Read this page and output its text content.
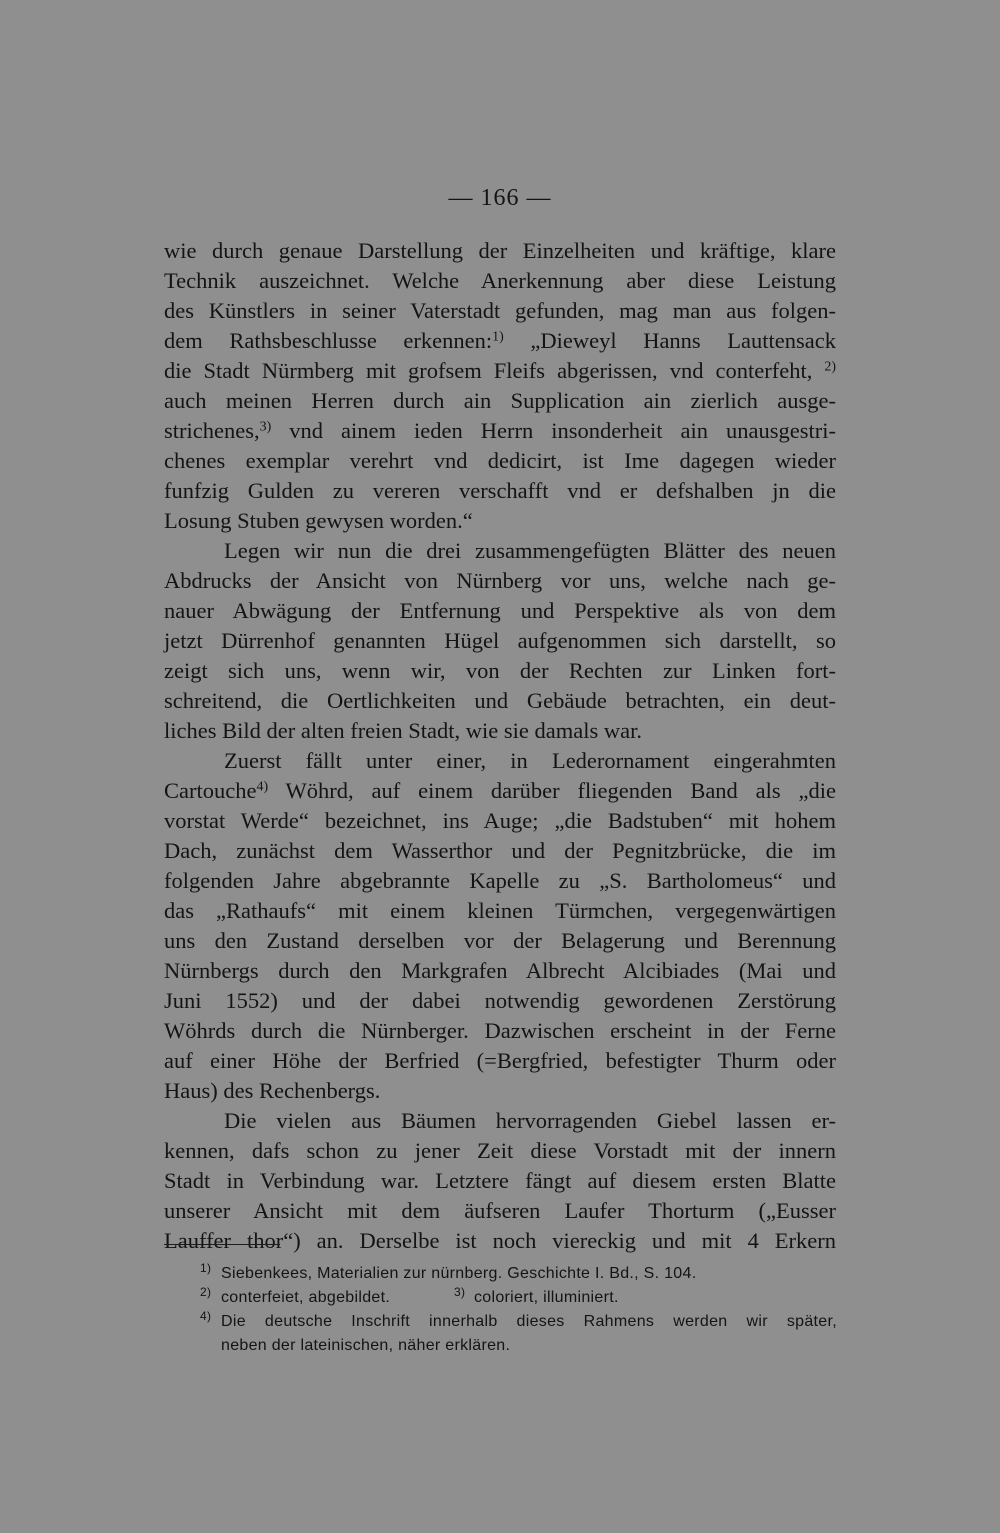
— 166 —
wie durch genaue Darstellung der Einzelheiten und kräftige, klare
Technik auszeichnet. Welche Anerkennung aber diese Leistung
des Künstlers in seiner Vaterstadt gefunden, mag man aus folgen-
dem Rathsbeschlusse erkennen:$^{1)}$ „Dieweyl Hanns Lauttensack
die Stadt Nürmberg mit grofsem Fleifs abgerissen, vnd conterfeht, $^{2)}$
auch meinen Herren durch ain Supplication ain zierlich ausge-
strichenes,$^{3)}$ vnd ainem ieden Herrn insonderheit ain unausgestri-
chenes exemplar verehrt vnd dedicirt, ist Ime dagegen wieder
funfzig Gulden zu vereren verschafft vnd er defshalben jn die
Losung Stuben gewysen worden.“
Legen wir nun die drei zusammengefügten Blätter des neuen
Abdrucks der Ansicht von Nürnberg vor uns, welche nach ge-
nauer Abwägung der Entfernung und Perspektive als von dem
jetzt Dürrenhof genannten Hügel aufgenommen sich darstellt, so
zeigt sich uns, wenn wir, von der Rechten zur Linken fort-
schreitend, die Oertlichkeiten und Gebäude betrachten, ein deut-
liches Bild der alten freien Stadt, wie sie damals war.
Zuerst fällt unter einer, in Lederornament eingerahmten
Cartouche$^{4)}$ Wöhrd, auf einem darüber fliegenden Band als „die
vorstat Werde“ bezeichnet, ins Auge; „die Badstuben“ mit hohem
Dach, zunächst dem Wasserthor und der Pegnitzbrücke, die im
folgenden Jahre abgebrannte Kapelle zu „S. Bartholomeus“ und
das „Rathaufs“ mit einem kleinen Türmchen, vergegenwärtigen
uns den Zustand derselben vor der Belagerung und Berennung
Nürnbergs durch den Markgrafen Albrecht Alcibiades (Mai und
Juni 1552) und der dabei notwendig gewordenen Zerstörung
Wöhrds durch die Nürnberger. Dazwischen erscheint in der Ferne
auf einer Höhe der Berfried (=Bergfried, befestigter Thurm oder
Haus) des Rechenbergs.
Die vielen aus Bäumen hervorragenden Giebel lassen er-
kennen, dafs schon zu jener Zeit diese Vorstadt mit der innern
Stadt in Verbindung war. Letztere fängt auf diesem ersten Blatte
unserer Ansicht mit dem äufseren Laufer Thorturm („Eusser
Lauffer thor“) an. Derselbe ist noch viereckig und mit 4 Erkern
1) Siebenkees, Materialien zur nürnberg. Geschichte I. Bd., S. 104.
2) conterfeiet, abgebildet.	3) coloriert, illuminiert.
4) Die deutsche Inschrift innerhalb dieses Rahmens werden wir später,
neben der lateinischen, näher erklären.
